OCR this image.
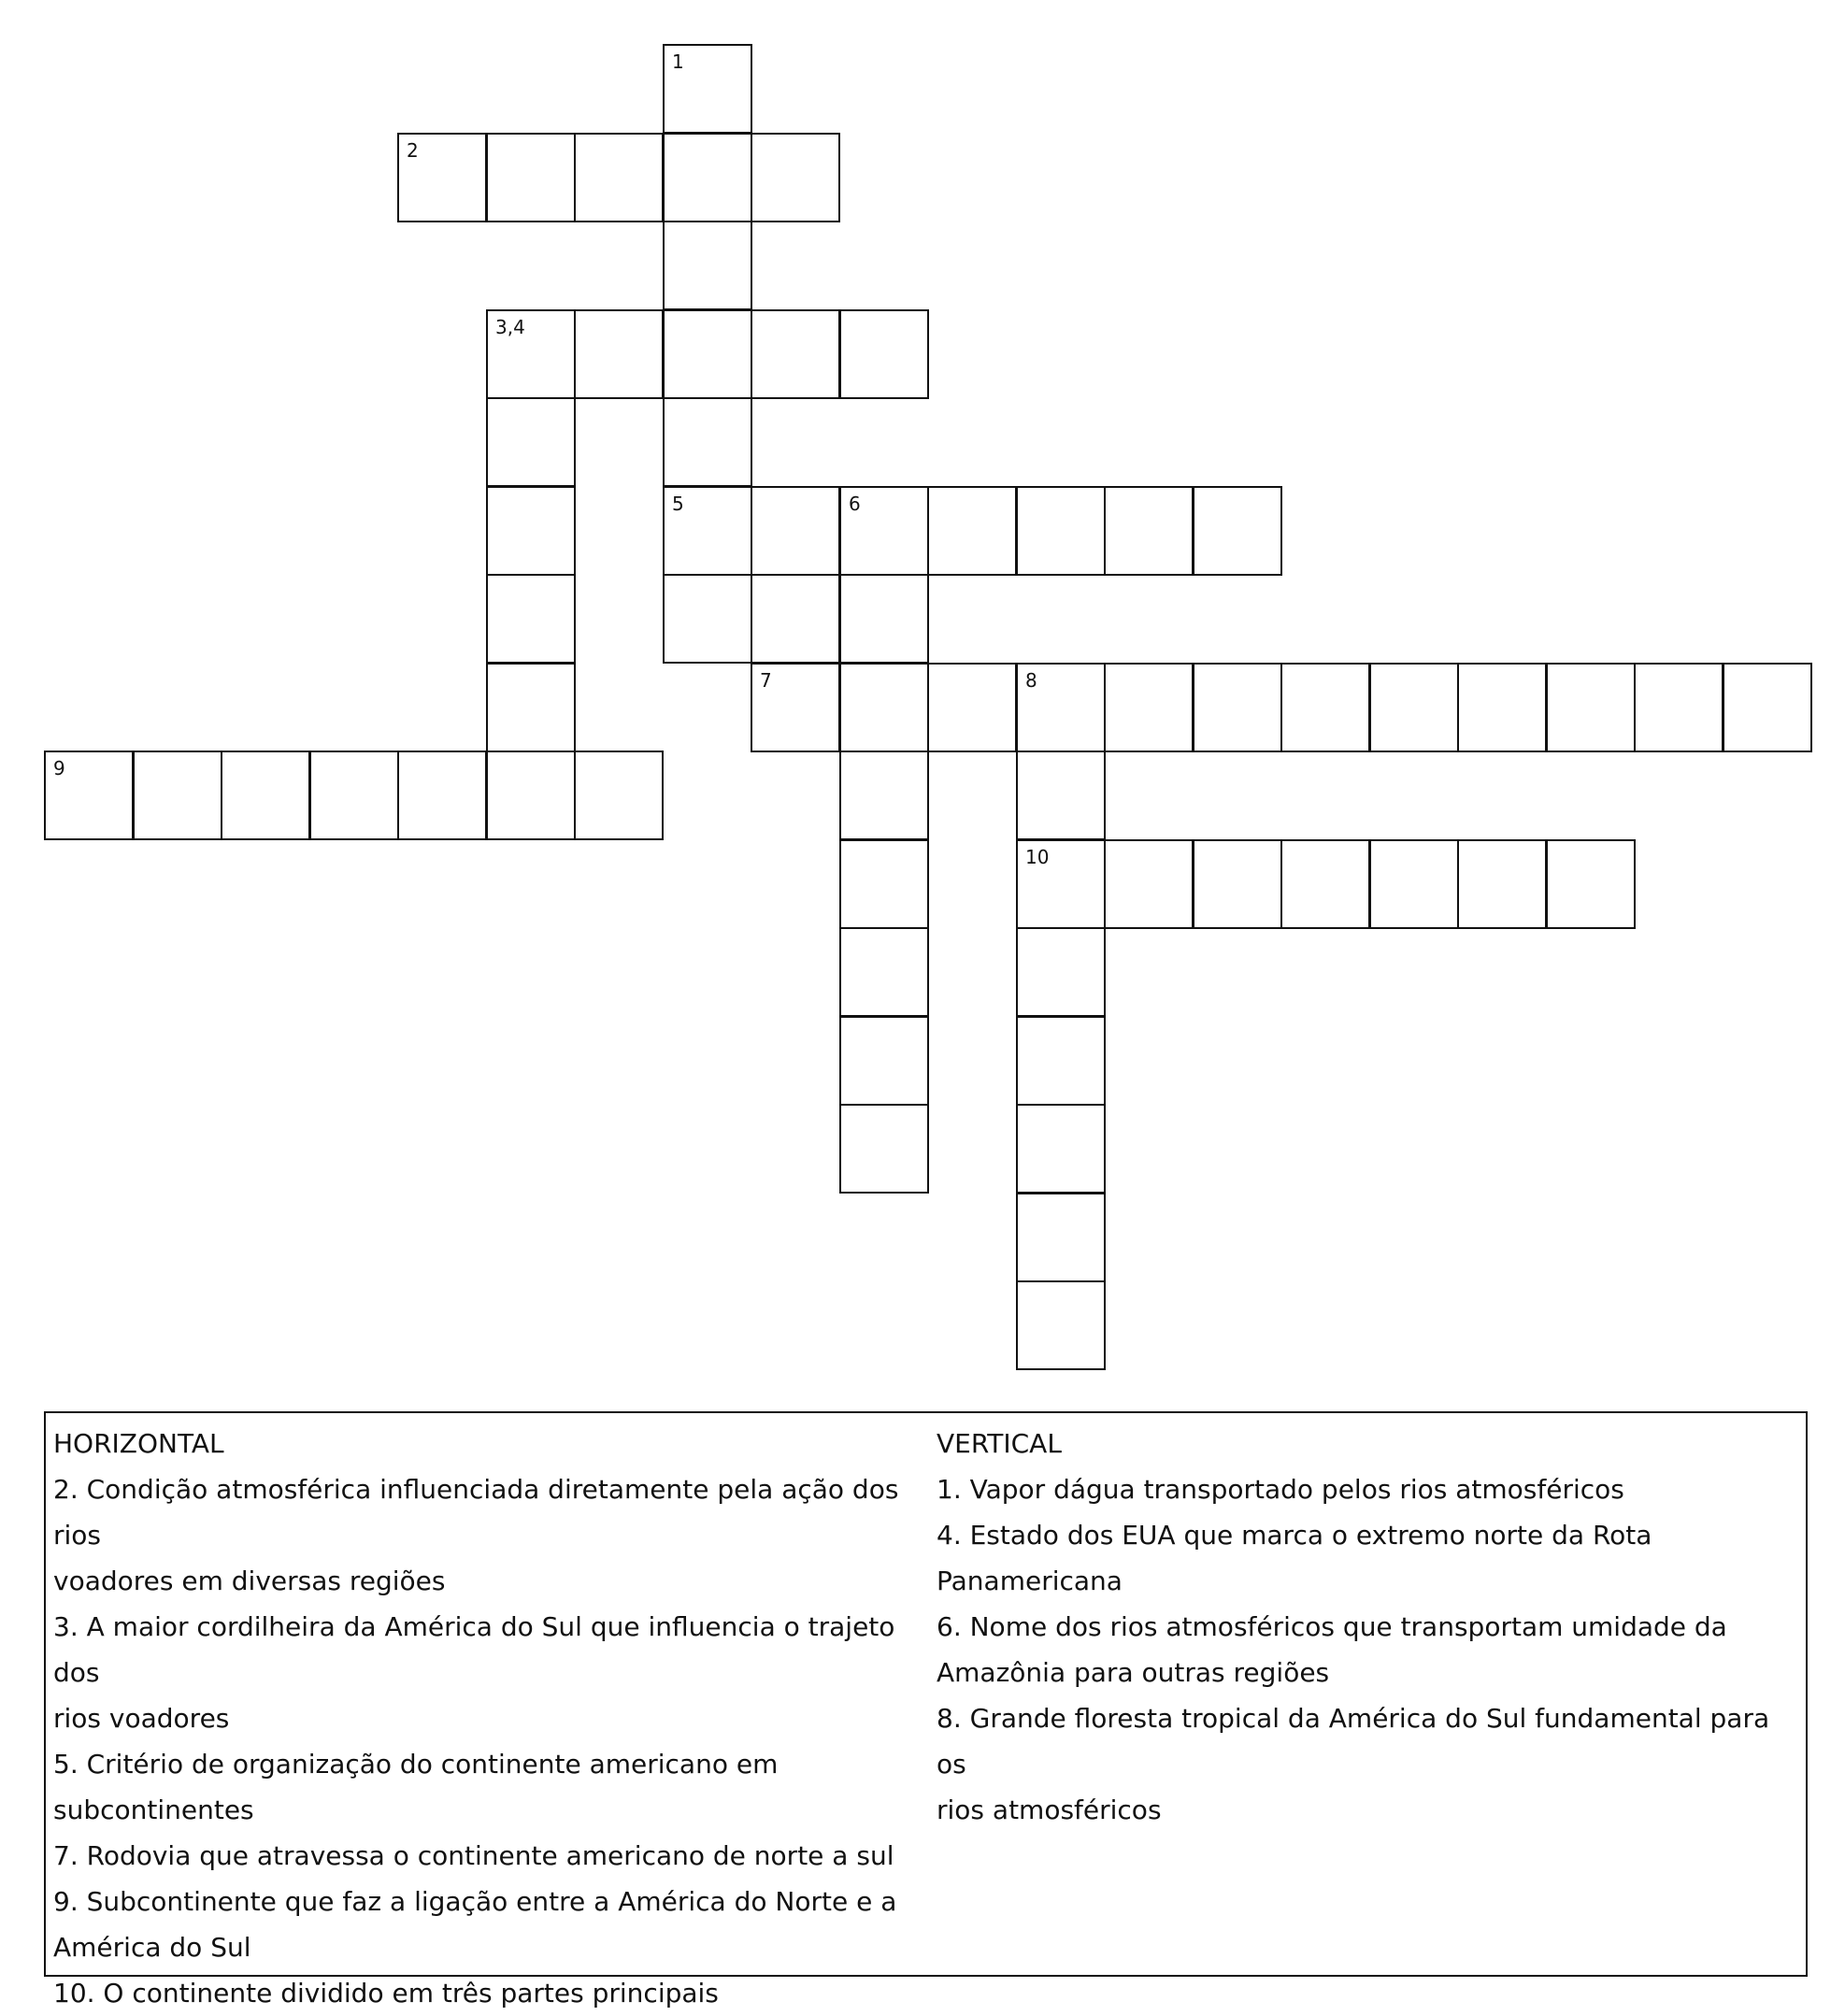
1
2
3,4
5	6
7	8
10
9
HORIZONTAL
2. Condição atmosférica influenciada diretamente pela ação dos rios
voadores em diversas regiões
3. A maior cordilheira da América do Sul que influencia o trajeto dos
rios voadores
5. Critério de organização do continente americano em
subcontinentes
7. Rodovia que atravessa o continente americano de norte a sul
9. Subcontinente que faz a ligação entre a América do Norte e a
América do Sul
10. O continente dividido em três partes principais
VERTICAL
1. Vapor dágua transportado pelos rios atmosféricos
4. Estado dos EUA que marca o extremo norte da Rota
Panamericana
6. Nome dos rios atmosféricos que transportam umidade da
Amazônia para outras regiões
8. Grande floresta tropical da América do Sul fundamental para os
rios atmosféricos
